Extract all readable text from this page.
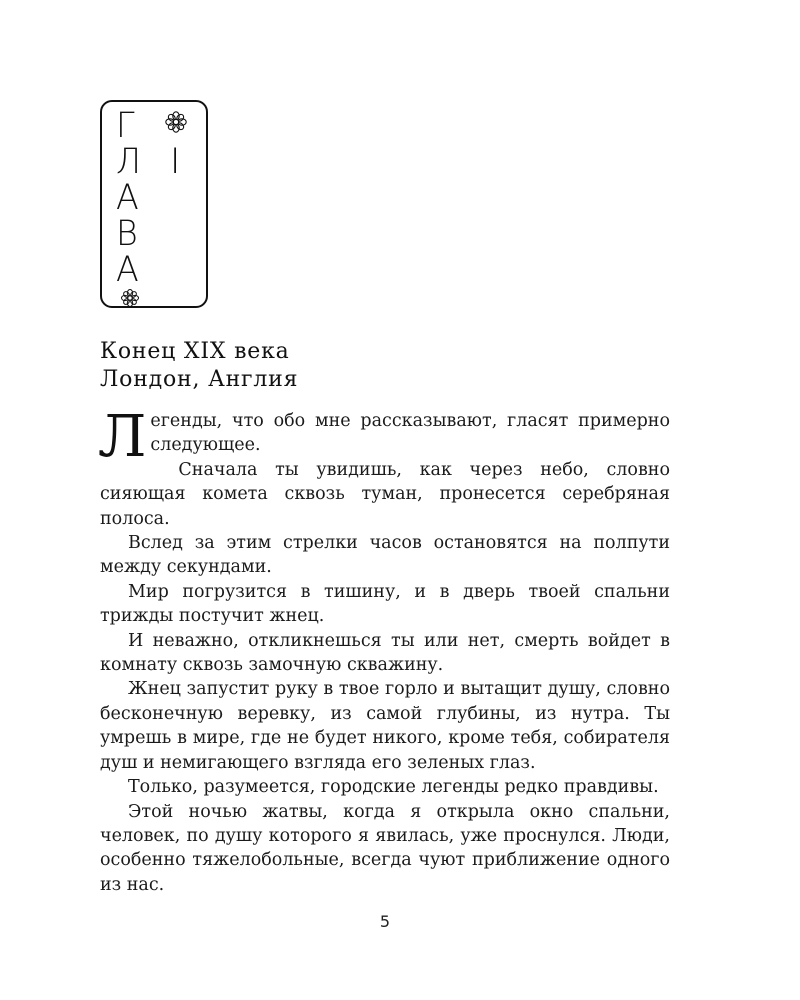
Г
Л
А
В
А
I
Конец XIX века
Лондон, Англия

Легенды, что обо мне рассказывают, гласят примерно следующее.

Сначала ты увидишь, как через небо, словно сияющая комета сквозь туман, пронесется серебряная полоса.

Вслед за этим стрелки часов остановятся на полпути между секундами.

Мир погрузится в тишину, и в дверь твоей спальни трижды постучит жнец.

И неважно, откликнешься ты или нет, смерть войдет в комнату сквозь замочную скважину.

Жнец запустит руку в твое горло и вытащит душу, словно бесконечную веревку, из самой глубины, из нутра. Ты умрешь в мире, где не будет никого, кроме тебя, собирателя душ и немигающего взгляда его зеленых глаз.

Только, разумеется, городские легенды редко правдивы.

Этой ночью жатвы, когда я открыла окно спальни, человек, по душу которого я явилась, уже проснулся. Люди, особенно тяжелобольные, всегда чуют приближение одного из нас.

5
